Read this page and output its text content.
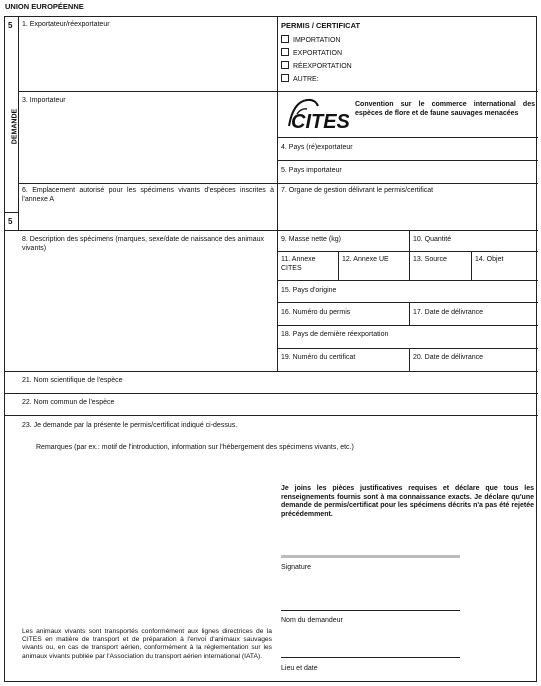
UNION EUROPÉENNE
5
5
DEMANDE
1. Exportateur/réexportateur
3. Importateur
6. Emplacement autorisé pour les spécimens vivants d'espèces inscrites à l'annexe A
8. Description des spécimens (marques, sexe/date de naissance des animaux vivants)
PERMIS / CERTIFICAT
IMPORTATION
EXPORTATION
RÉEXPORTATION
AUTRE:
CITES
Convention sur le commerce international des espèces de flore et de faune sauvages menacées
4. Pays (ré)exportateur
5. Pays importateur
7. Organe de gestion délivrant le permis/certificat
9. Masse nette (kg)	10. Quantité
11. Annexe CITES
12. Annexe UE	13. Source	14. Objet
15. Pays d'origine
16. Numéro du permis	17. Date de délivrance
18. Pays de dernière réexportation
19. Numéro du certificat	20. Date de délivrance
21. Nom scientifique de l'espèce
22. Nom commun de l'espèce
23. Je demande par la présente le permis/certificat indiqué ci-dessus.
Remarques (par ex.: motif de l'introduction, information sur l'hébergement des spécimens vivants, etc.)
Je joins les pièces justificatives requises et déclare que tous les renseignements fournis sont à ma connaissance exacts. Je déclare qu'une demande de permis/certificat pour les spécimens décrits n'a pas été rejetée précédemment.
Signature
Nom du demandeur
Lieu et date
Les animaux vivants sont transportés conformément aux lignes directrices de la CITES en matière de transport et de préparation à l'envoi d'animaux sauvages vivants ou, en cas de transport aérien, conformément à la réglementation sur les animaux vivants publiée par l'Association du transport aérien international (IATA).
